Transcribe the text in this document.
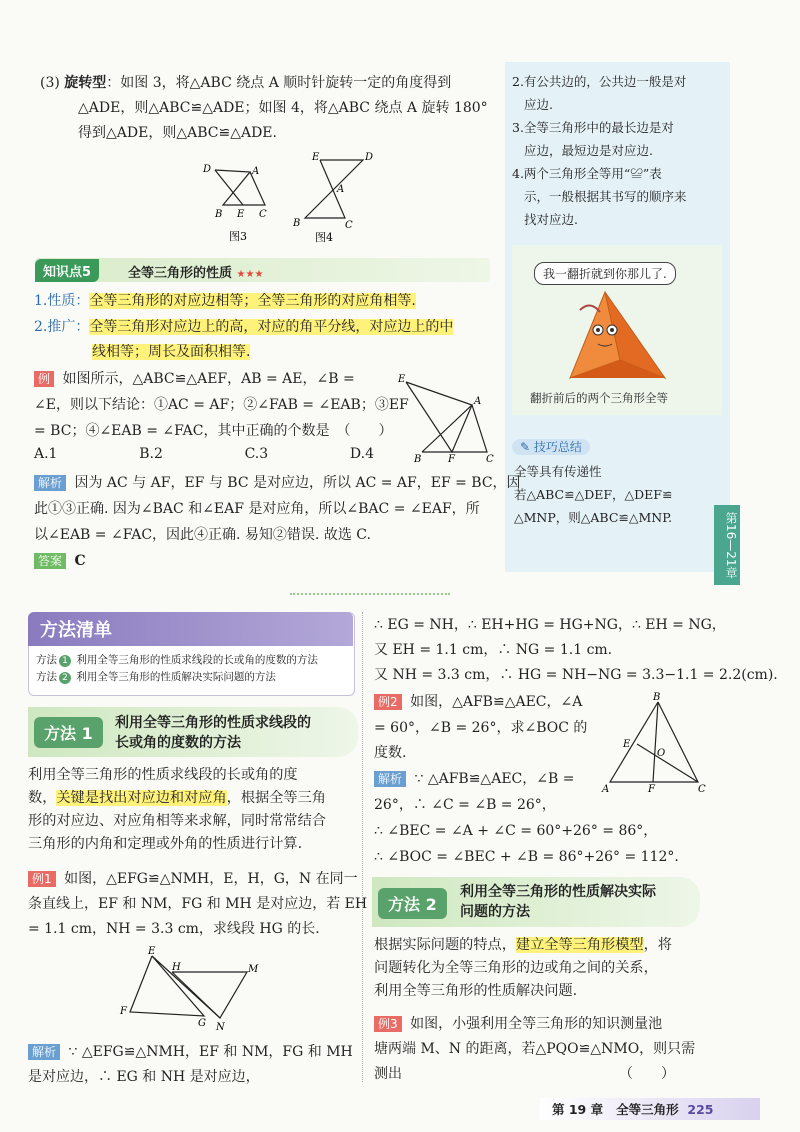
(3) 旋转型：如图 3，将△ABC 绕点 A 顺时针旋转一定的角度得到
△ADE，则△ABC≌△ADE；如图 4，将△ABC 绕点 A 旋转 180°
得到△ADE，则△ABC≌△ADE.
D	A
B E C
图3
E	D
A
B	C
图4
2.有公共边的，公共边一般是对
应边.
3.全等三角形中的最长边是对
应边，最短边是对应边.
4.两个三角形全等用“≌”表
示，一般根据其书写的顺序来
找对应边.
我一翻折就到你那儿了.
翻折前后的两个三角形全等
✎ 技巧总结
全等具有传递性
若△ABC≌△DEF，△DEF≌
△MNP，则△ABC≌△MNP.	第16—21章
知识点5	全等三角形的性质 ★★★
1.性质：全等三角形的对应边相等；全等三角形的对应角相等.
2.推广：全等三角形对应边上的高，对应的角平分线，对应边上的中
线相等；周长及面积相等.
例 如图所示，△ABC≌△AEF，AB = AE，∠B =
∠E，则以下结论：①AC = AF；②∠FAB = ∠EAB；③EF
= BC；④∠EAB = ∠FAC，其中正确的个数是　（　　）
A.1	B.2	C.3	D.4
E
A
B	F	C
解析 因为 AC 与 AF，EF 与 BC 是对应边，所以 AC = AF，EF = BC，因
此①③正确. 因为∠BAC 和∠EAF 是对应角，所以∠BAC = ∠EAF，所
以∠EAB = ∠FAC，因此④正确. 易知②错误. 故选 C.
答案 C
方法清单
方法 1 利用全等三角形的性质求线段的长或角的度数的方法
方法 2 利用全等三角形的性质解决实际问题的方法
方法 1
利用全等三角形的性质求线段的
长或角的度数的方法
利用全等三角形的性质求线段的长或角的度
数，关键是找出对应边和对应角，根据全等三角
形的对应边、对应角相等来求解，同时常常结合
三角形的内角和定理或外角的性质进行计算.
例1 如图，△EFG≌△NMH，E，H，G，N 在同一
条直线上，EF 和 NM，FG 和 MH 是对应边，若 EH
= 1.1 cm，NH = 3.3 cm，求线段 HG 的长.
E
H	M
F
G N
解析 ∵ △EFG≌△NMH，EF 和 NM，FG 和 MH
是对应边，∴ EG 和 NH 是对应边，
∴ EG = NH，∴ EH+HG = HG+NG，∴ EH = NG，
又 EH = 1.1 cm，∴ NG = 1.1 cm.
又 NH = 3.3 cm，∴ HG = NH−NG = 3.3−1.1 = 2.2(cm).
例2 如图，△AFB≌△AEC，∠A
= 60°，∠B = 26°，求∠BOC 的
度数.
B
E
O
A	F	C
解析 ∵ △AFB≌△AEC，∠B =
26°，∴ ∠C = ∠B = 26°，
∴ ∠BEC = ∠A + ∠C = 60°+26° = 86°，
∴ ∠BOC = ∠BEC + ∠B = 86°+26° = 112°.
方法 2
利用全等三角形的性质解决实际
问题的方法
根据实际问题的特点，建立全等三角形模型，将
问题转化为全等三角形的边或角之间的关系，
利用全等三角形的性质解决问题.
例3 如图，小强利用全等三角形的知识测量池
塘两端 M、N 的距离，若△PQO≌△NMO，则只需
测出　　　　　　　　　　　　　　　　（　　）
第 19 章 全等三角形 225
